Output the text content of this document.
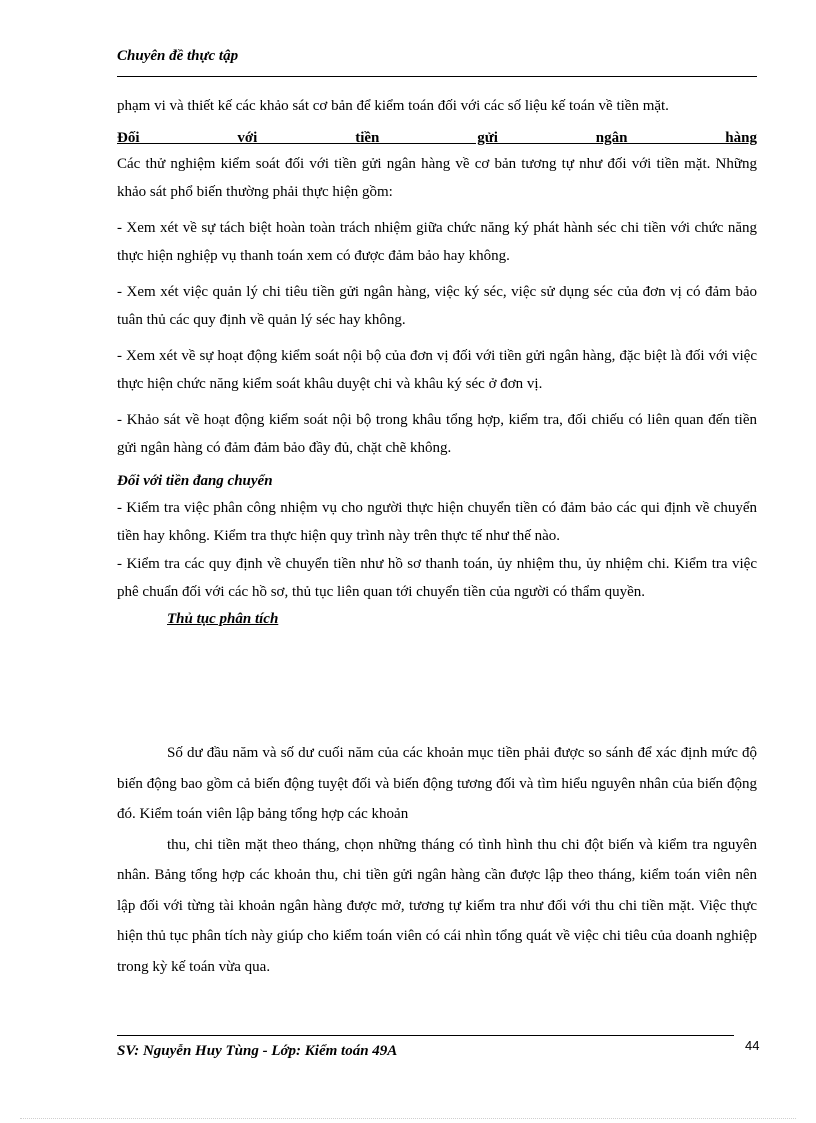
Chuyên đề thực tập

phạm vi và thiết kế các khảo sát cơ bản để kiểm toán đối với các số liệu kế toán về tiền mặt.

Đối với tiền gửi ngân hàng

Các thử nghiệm kiểm soát đối với tiền gửi ngân hàng về cơ bản tương tự như đối với tiền mặt. Những khảo sát phổ biến thường phải thực hiện gồm:

- Xem xét về sự tách biệt hoàn toàn trách nhiệm giữa chức năng ký phát hành séc chi tiền với chức năng thực hiện nghiệp vụ thanh toán xem có được đảm bảo hay không.

- Xem xét việc quản lý chi tiêu tiền gửi ngân hàng, việc ký séc, việc sử dụng séc của đơn vị có đảm bảo tuân thủ các quy định về quản lý séc hay không.

- Xem xét về sự hoạt động kiểm soát nội bộ của đơn vị đối với tiền gửi ngân hàng, đặc biệt là đối với việc thực hiện chức năng kiểm soát khâu duyệt chi và khâu ký séc ở đơn vị.

- Khảo sát về hoạt động kiểm soát nội bộ trong khâu tổng hợp, kiểm tra, đối chiếu có liên quan đến tiền gửi ngân hàng có đảm đảm bảo đầy đủ, chặt chẽ không.

Đối với tiền đang chuyển

- Kiểm tra việc phân công nhiệm vụ cho người thực hiện chuyển tiền có đảm bảo các qui định về chuyển tiền hay không. Kiểm tra thực hiện quy trình này trên thực tế như thế nào.

- Kiểm tra các quy định về chuyển tiền như hồ sơ thanh toán, ủy nhiệm thu, ủy nhiệm chi. Kiểm tra việc phê chuẩn đối với các hồ sơ, thủ tục liên quan tới chuyển tiền của người có thẩm quyền.

Thủ tục phân tích

Số dư đầu năm và số dư cuối năm của các khoản mục tiền phải được so sánh để xác định mức độ biến động bao gồm cả biến động tuyệt đối và biến động tương đối và tìm hiểu nguyên nhân của biến động đó. Kiểm toán viên lập bảng tổng hợp các khoản

thu, chi tiền mặt theo tháng, chọn những tháng có tình hình thu chi đột biến và kiểm tra nguyên nhân. Bảng tổng hợp các khoản thu, chi tiền gửi ngân hàng cần được lập theo tháng, kiểm toán viên nên lập đối với từng tài khoản ngân hàng được mở, tương tự kiểm tra như đối với thu chi tiền mặt. Việc thực hiện thủ tục phân tích này giúp cho kiểm toán viên có cái nhìn tổng quát về việc chi tiêu của doanh nghiệp trong kỳ kế toán vừa qua.

SV: Nguyễn Huy Tùng - Lớp: Kiểm toán 49A	44
